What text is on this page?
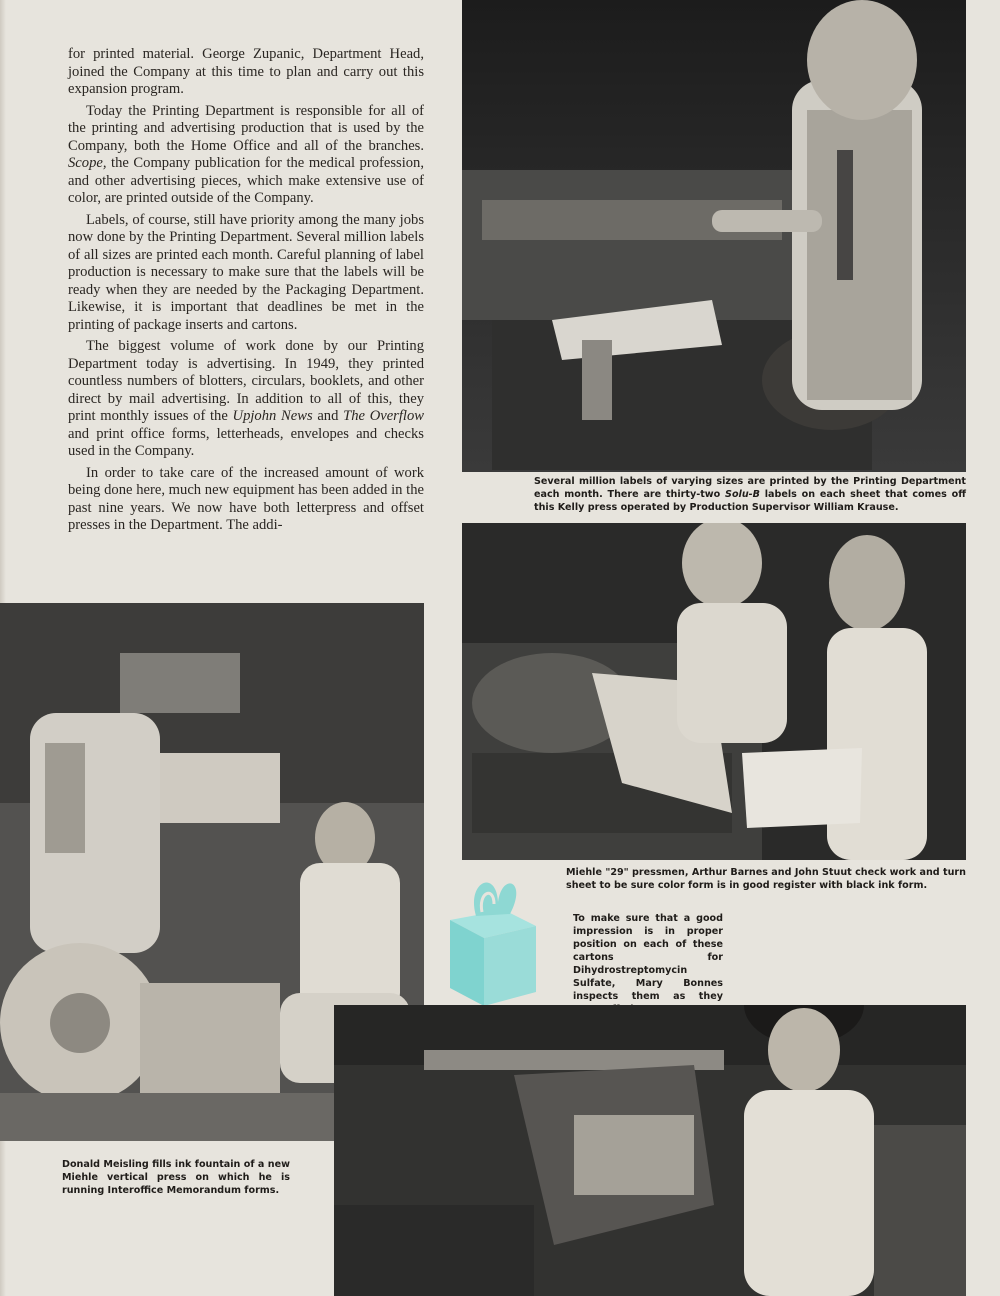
for printed material. George Zupanic, Department Head, joined the Company at this time to plan and carry out this expansion program.

Today the Printing Department is responsible for all of the printing and advertising production that is used by the Company, both the Home Office and all of the branches. Scope, the Company publication for the medical profession, and other advertising pieces, which make extensive use of color, are printed outside of the Company.

Labels, of course, still have priority among the many jobs now done by the Printing Department. Several million labels of all sizes are printed each month. Careful planning of label production is necessary to make sure that the labels will be ready when they are needed by the Packaging Department. Likewise, it is important that deadlines be met in the printing of package inserts and cartons.

The biggest volume of work done by our Printing Department today is advertising. In 1949, they printed countless numbers of blotters, circulars, booklets, and other direct by mail advertising. In addition to all of this, they print monthly issues of the Upjohn News and The Overflow and print office forms, letterheads, envelopes and checks used in the Company.

In order to take care of the increased amount of work being done here, much new equipment has been added in the past nine years. We now have both letterpress and offset presses in the Department. The addi-

Several million labels of varying sizes are printed by the Printing Department each month. There are thirty-two Solu-B labels on each sheet that comes off this Kelly press operated by Production Supervisor William Krause.
Miehle "29" pressmen, Arthur Barnes and John Stuut check work and turn sheet to be sure color form is in good register with black ink form.
To make sure that a good impression is in proper position on each of these cartons for Dihydrostreptomycin Sulfate, Mary Bonnes inspects them as they
Donald Meisling fills ink fountain of a new Miehle vertical press on which he is running Interoffice Memorandum forms.
